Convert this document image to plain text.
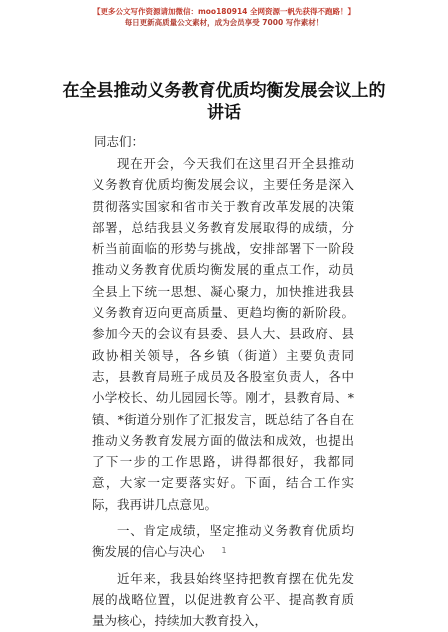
【更多公文写作资源请加微信：moo180914 全网资源一帆先获得不跑路！】
每日更新高质量公文素材，成为会员享受 7000 写作素材！
在全县推动义务教育优质均衡发展会议上的讲话
同志们：

现在开会，今天我们在这里召开全县推动义务教育优质均衡发展会议，主要任务是深入贯彻落实国家和省市关于教育改革发展的决策部署，总结我县义务教育发展取得的成绩，分析当前面临的形势与挑战，安排部署下一阶段推动义务教育优质均衡发展的重点工作，动员全县上下统一思想、凝心聚力，加快推进我县义务教育迈向更高质量、更趋均衡的新阶段。参加今天的会议有县委、县人大、县政府、县政协相关领导，各乡镇（街道）主要负责同志，县教育局班子成员及各股室负责人，各中小学校长、幼儿园园长等。刚才，县教育局、*镇、*街道分别作了汇报发言，既总结了各自在推动义务教育发展方面的做法和成效，也提出了下一步的工作思路，讲得都很好，我都同意，大家一定要落实好。下面，结合工作实际，我再讲几点意见。

一、肯定成绩，坚定推动义务教育优质均衡发展的信心与决心

近年来，我县始终坚持把教育摆在优先发展的战略位置，以促进教育公平、提高教育质量为核心，持续加大教育投入，

1
